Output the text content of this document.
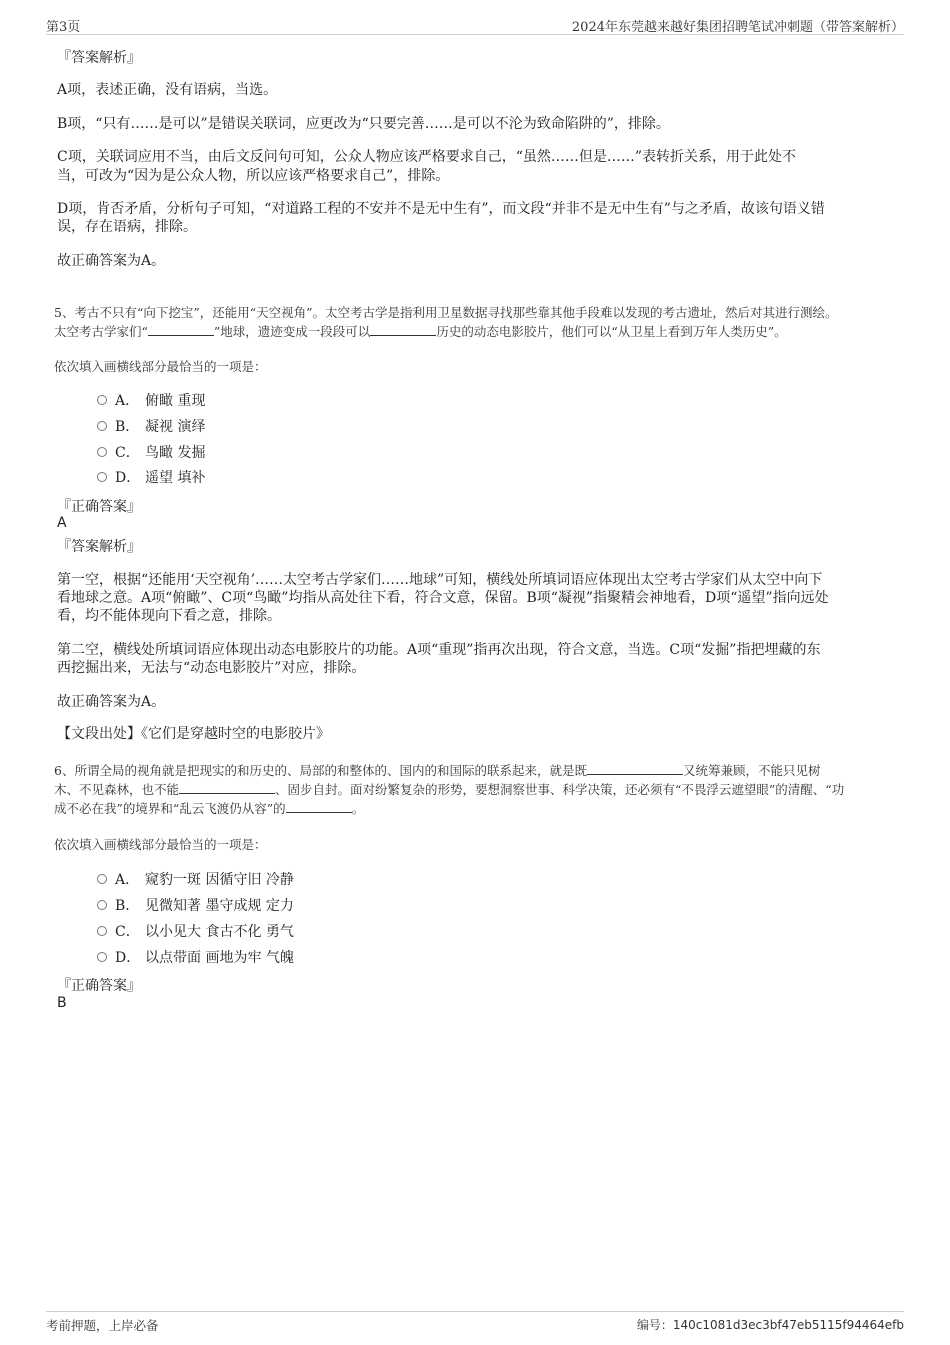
第3页	2024年东莞越来越好集团招聘笔试冲刺题（带答案解析）
『答案解析』
A项，表述正确，没有语病，当选。
B项，“只有……是可以”是错误关联词，应更改为“只要完善……是可以不沦为致命陷阱的”，排除。
C项，关联词应用不当，由后文反问句可知，公众人物应该严格要求自己，“虽然……但是……”表转折关系，用于此处不
当，可改为“因为是公众人物，所以应该严格要求自己”，排除。
D项，肯否矛盾，分析句子可知，“对道路工程的不安并不是无中生有”，而文段“并非不是无中生有”与之矛盾，故该句语义错
误，存在语病，排除。
故正确答案为A。
5、考古不只有“向下挖宝”，还能用“天空视角”。太空考古学是指利用卫星数据寻找那些靠其他手段难以发现的考古遗址，然后对其进行测绘。
太空考古学家们“	”地球，遗迹变成一段段可以	历史的动态电影胶片，他们可以“从卫星上看到万年人类历史”。
依次填入画横线部分最恰当的一项是：
A． 俯瞰 重现
B． 凝视 演绎
C． 鸟瞰 发掘
D． 遥望 填补
『正确答案』
A
『答案解析』
第一空，根据“还能用‘天空视角’……太空考古学家们……地球”可知，横线处所填词语应体现出太空考古学家们从太空中向下
看地球之意。A项“俯瞰”、C项“鸟瞰”均指从高处往下看，符合文意，保留。B项“凝视”指聚精会神地看，D项“遥望”指向远处
看，均不能体现向下看之意，排除。
第二空，横线处所填词语应体现出动态电影胶片的功能。A项“重现”指再次出现，符合文意，当选。C项“发掘”指把埋藏的东
西挖掘出来，无法与“动态电影胶片”对应，排除。
故正确答案为A。
【文段出处】《它们是穿越时空的电影胶片》
6、所谓全局的视角就是把现实的和历史的、局部的和整体的、国内的和国际的联系起来，就是既	又统筹兼顾，不能只见树
木、不见森林，也不能	、固步自封。面对纷繁复杂的形势，要想洞察世事、科学决策，还必须有“不畏浮云遮望眼”的清醒、“功
成不必在我”的境界和“乱云飞渡仍从容”的	。
依次填入画横线部分最恰当的一项是：
A． 窥豹一斑 因循守旧 冷静
B． 见微知著 墨守成规 定力
C． 以小见大 食古不化 勇气
D． 以点带面 画地为牢 气魄
『正确答案』
B
考前押题，上岸必备	编号：140c1081d3ec3bf47eb5115f94464efb
